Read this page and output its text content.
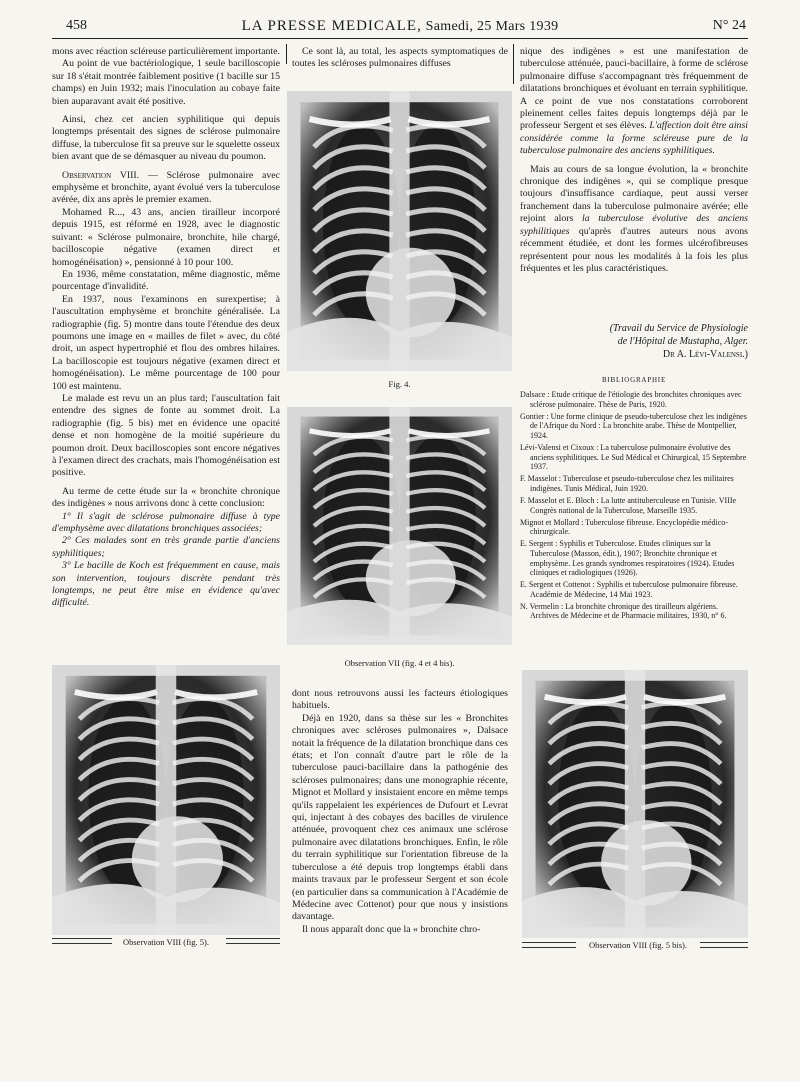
458	LA PRESSE MEDICALE, Samedi, 25 Mars 1939	N° 24

mons avec réaction scléreuse particulièrement importante.

Au point de vue bactériologique, 1 seule bacilloscopie sur 18 s'était montrée faiblement positive (1 bacille sur 15 champs) en Juin 1932; mais l'inoculation au cobaye faite bien auparavant avait été positive.

Ainsi, chez cet ancien syphilitique qui depuis longtemps présentait des signes de sclérose pulmonaire diffuse, la tuberculose fit sa preuve sur le squelette osseux bien avant que de se démasquer au niveau du poumon.

Observation VIII. — Sclérose pulmonaire avec emphysème et bronchite, ayant évolué vers la tuberculose avérée, dix ans après le premier examen.

Mohamed R..., 43 ans, ancien tirailleur incorporé depuis 1915, est réformé en 1928, avec le diagnostic suivant: « Sclérose pulmonaire, bronchite, hile chargé, bacilloscopie négative (examen direct et homogénéisation) », pensionné à 10 pour 100.

En 1936, même constatation, même diagnostic, même pourcentage d'invalidité.

En 1937, nous l'examinons en surexpertise; à l'auscultation emphysème et bronchite généralisée. La radiographie (fig. 5) montre dans toute l'étendue des deux poumons une image en « mailles de filet » avec, du côté droit, un aspect hypertrophié et flou des ombres hilaires. La bacilloscopie est toujours négative (examen direct et homogénéisation). Le même pourcentage de 100 pour 100 est maintenu.

Le malade est revu un an plus tard; l'auscultation fait entendre des signes de fonte au sommet droit. La radiographie (fig. 5 bis) met en évidence une opacité dense et non homogène de la moitié supérieure du poumon droit. Deux bacilloscopies sont encore négatives à l'examen direct des crachats, mais l'homogénéisation est positive.

Au terme de cette étude sur la « bronchite chronique des indigènes » nous arrivons donc à cette conclusion:

1° Il s'agit de sclérose pulmonaire diffuse à type d'emphysème avec dilatations bronchiques associées;

2° Ces malades sont en très grande partie d'anciens syphilitiques;

3° Le bacille de Koch est fréquemment en cause, mais son intervention, toujours discrète pendant très longtemps, ne peut être mise en évidence qu'avec difficulté.

Ce sont là, au total, les aspects symptomatiques de toutes les scléroses pulmonaires diffuses

Fig. 4.
Observation VII (fig. 4 et 4 bis).

dont nous retrouvons aussi les facteurs étiologiques habituels.

Déjà en 1920, dans sa thèse sur les « Bronchites chroniques avec scléroses pulmonaires », Dalsace notait la fréquence de la dilatation bronchique dans ces états; et l'on connaît d'autre part le rôle de la tuberculose pauci-bacillaire dans la pathogénie des scléroses pulmonaires; dans une monographie récente, Mignot et Mollard y insistaient encore en même temps qu'ils rappelaient les expériences de Dufourt et Levrat qui, injectant à des cobayes des bacilles de virulence atténuée, provoquent chez ces animaux une sclérose pulmonaire avec dilatations bronchiques. Enfin, le rôle du terrain syphilitique sur l'orientation fibreuse de la tuberculose a été depuis trop longtemps établi dans maints travaux par le professeur Sergent et son école (en particulier dans sa communication à l'Académie de Médecine avec Cottenot) pour que nous y insistions davantage.

Il nous apparaît donc que la « bronchite chro-

nique des indigènes » est une manifestation de tuberculose atténuée, pauci-bacillaire, à forme de sclérose pulmonaire diffuse s'accompagnant très fréquemment de dilatations bronchiques et évoluant en terrain syphilitique. A ce point de vue nos constatations corroborent pleinement celles faites depuis longtemps déjà par le professeur Sergent et ses élèves. L'affection doit être ainsi considérée comme la forme scléreuse pure de la tuberculose pulmonaire des anciens syphilitiques.

Mais au cours de sa longue évolution, la « bronchite chronique des indigènes », qui se complique presque toujours d'insuffisance cardiaque, peut aussi verser franchement dans la tuberculose pulmonaire avérée; elle rejoint alors la tuberculose évolutive des anciens syphilitiques qu'après d'autres auteurs nous avons récemment étudiée, et dont les formes ulcérofibreuses représentent pour nous les modalités à la fois les plus fréquentes et les plus caractéristiques.

(Travail du Service de Physiologie
de l'Hôpital de Mustapha, Alger.
Dr A. Lévi-Valensi.)
BIBLIOGRAPHIE
Dalsace : Etude critique de l'étiologie des bronchites chroniques avec sclérose pulmonaire. Thèse de Paris, 1920.
Gontier : Une forme clinique de pseudo-tuberculose chez les indigènes de l'Afrique du Nord : La bronchite arabe. Thèse de Montpellier, 1924.
Lévi-Valensi et Cixoux : La tuberculose pulmonaire évolutive des anciens syphilitiques. Le Sud Médical et Chirurgical, 15 Septembre 1937.
F. Masselot : Tuberculose et pseudo-tuberculose chez les militaires indigènes. Tunis Médical, Juin 1920.
F. Masselot et E. Bloch : La lutte antituberculeuse en Tunisie. VIIIe Congrès national de la Tuberculose, Marseille 1935.
Mignot et Mollard : Tuberculose fibreuse. Encyclopédie médico-chirurgicale.
E. Sergent : Syphilis et Tuberculose. Etudes cliniques sur la Tuberculose (Masson, édit.), 1907; Bronchite chronique et emphysème. Les grands syndromes respiratoires (1924). Etudes cliniques et radiologiques (1926).
E. Sergent et Cottenot : Syphilis et tuberculose pulmonaire fibreuse. Académie de Médecine, 14 Mai 1923.
N. Vermelin : La bronchite chronique des tirailleurs algériens. Archives de Médecine et de Pharmacie militaires, 1930, n° 6.
Observation VIII (fig. 5).	Observation VIII (fig. 5 bis).
